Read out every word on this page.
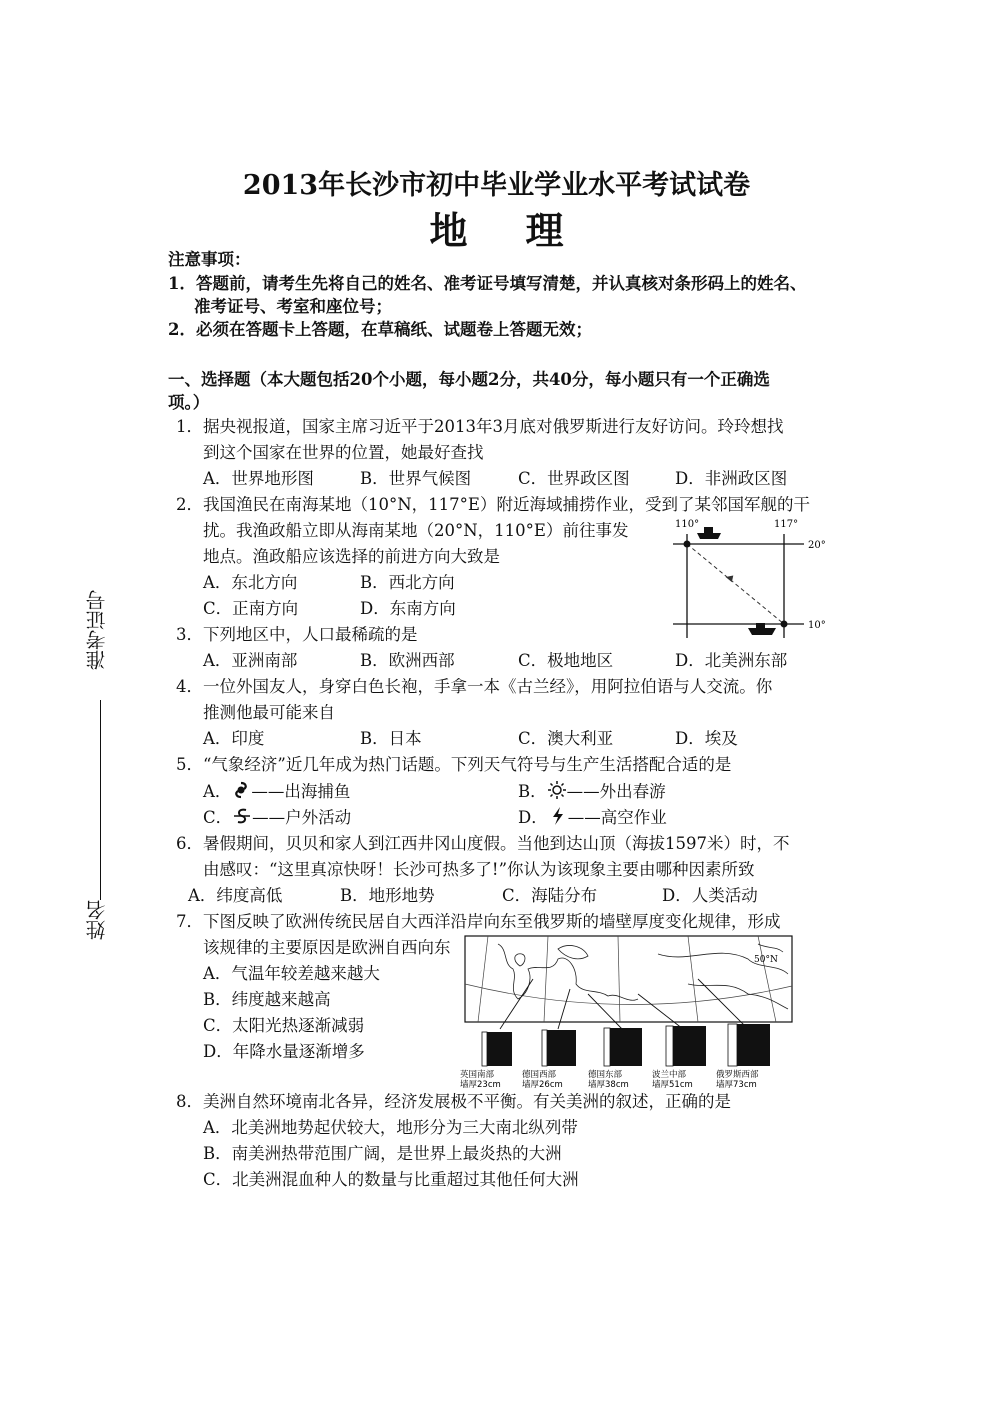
2013年长沙市初中毕业学业水平考试试卷
地理
注意事项：
1．答题前，请考生先将自己的姓名、准考证号填写清楚，并认真核对条形码上的姓名、
准考证号、考室和座位号；
2．必须在答题卡上答题，在草稿纸、试题卷上答题无效；
一、选择题（本大题包括20个小题，每小题2分，共40分，每小题只有一个正确选
项。）
准考证号
姓名
1．据央视报道，国家主席习近平于2013年3月底对俄罗斯进行友好访问。玲玲想找
到这个国家在世界的位置，她最好查找
A．世界地形图	B．世界气候图	C．世界政区图	D．非洲政区图
2．我国渔民在南海某地（10°N，117°E）附近海域捕捞作业，受到了某邻国军舰的干
扰。我渔政船立即从海南某地（20°N，110°E）前往事发
地点。渔政船应该选择的前进方向大致是
A．东北方向	B．西北方向
C．正南方向	D．东南方向
110°	117°
20°
10°
3．下列地区中，人口最稀疏的是
A．亚洲南部	B．欧洲西部	C．极地地区	D．北美洲东部
4．一位外国友人，身穿白色长袍，手拿一本《古兰经》，用阿拉伯语与人交流。你
推测他最可能来自
A．印度	B．日本	C．澳大利亚	D．埃及
5．“气象经济”近几年成为热门话题。下列天气符号与生产生活搭配合适的是
A． ——出海捕鱼	B． ——外出春游
C． ——户外活动	D． ——高空作业
6．暑假期间，贝贝和家人到江西井冈山度假。当他到达山顶（海拔1597米）时，不
由感叹：“这里真凉快呀！长沙可热多了!”你认为该现象主要由哪种因素所致
A．纬度高低	B．地形地势	C．海陆分布	D．人类活动
7．下图反映了欧洲传统民居自大西洋沿岸向东至俄罗斯的墙壁厚度变化规律，形成
该规律的主要原因是欧洲自西向东
A．气温年较差越来越大
B．纬度越来越高
C．太阳光热逐渐减弱
D．年降水量逐渐增多
50°N
英国南部
墙厚23cm
德国西部
墙厚26cm
德国东部
墙厚38cm
波兰中部
墙厚51cm
俄罗斯西部
墙厚73cm
8．美洲自然环境南北各异，经济发展极不平衡。有关美洲的叙述，正确的是
A．北美洲地势起伏较大，地形分为三大南北纵列带
B．南美洲热带范围广阔，是世界上最炎热的大洲
C．北美洲混血种人的数量与比重超过其他任何大洲
